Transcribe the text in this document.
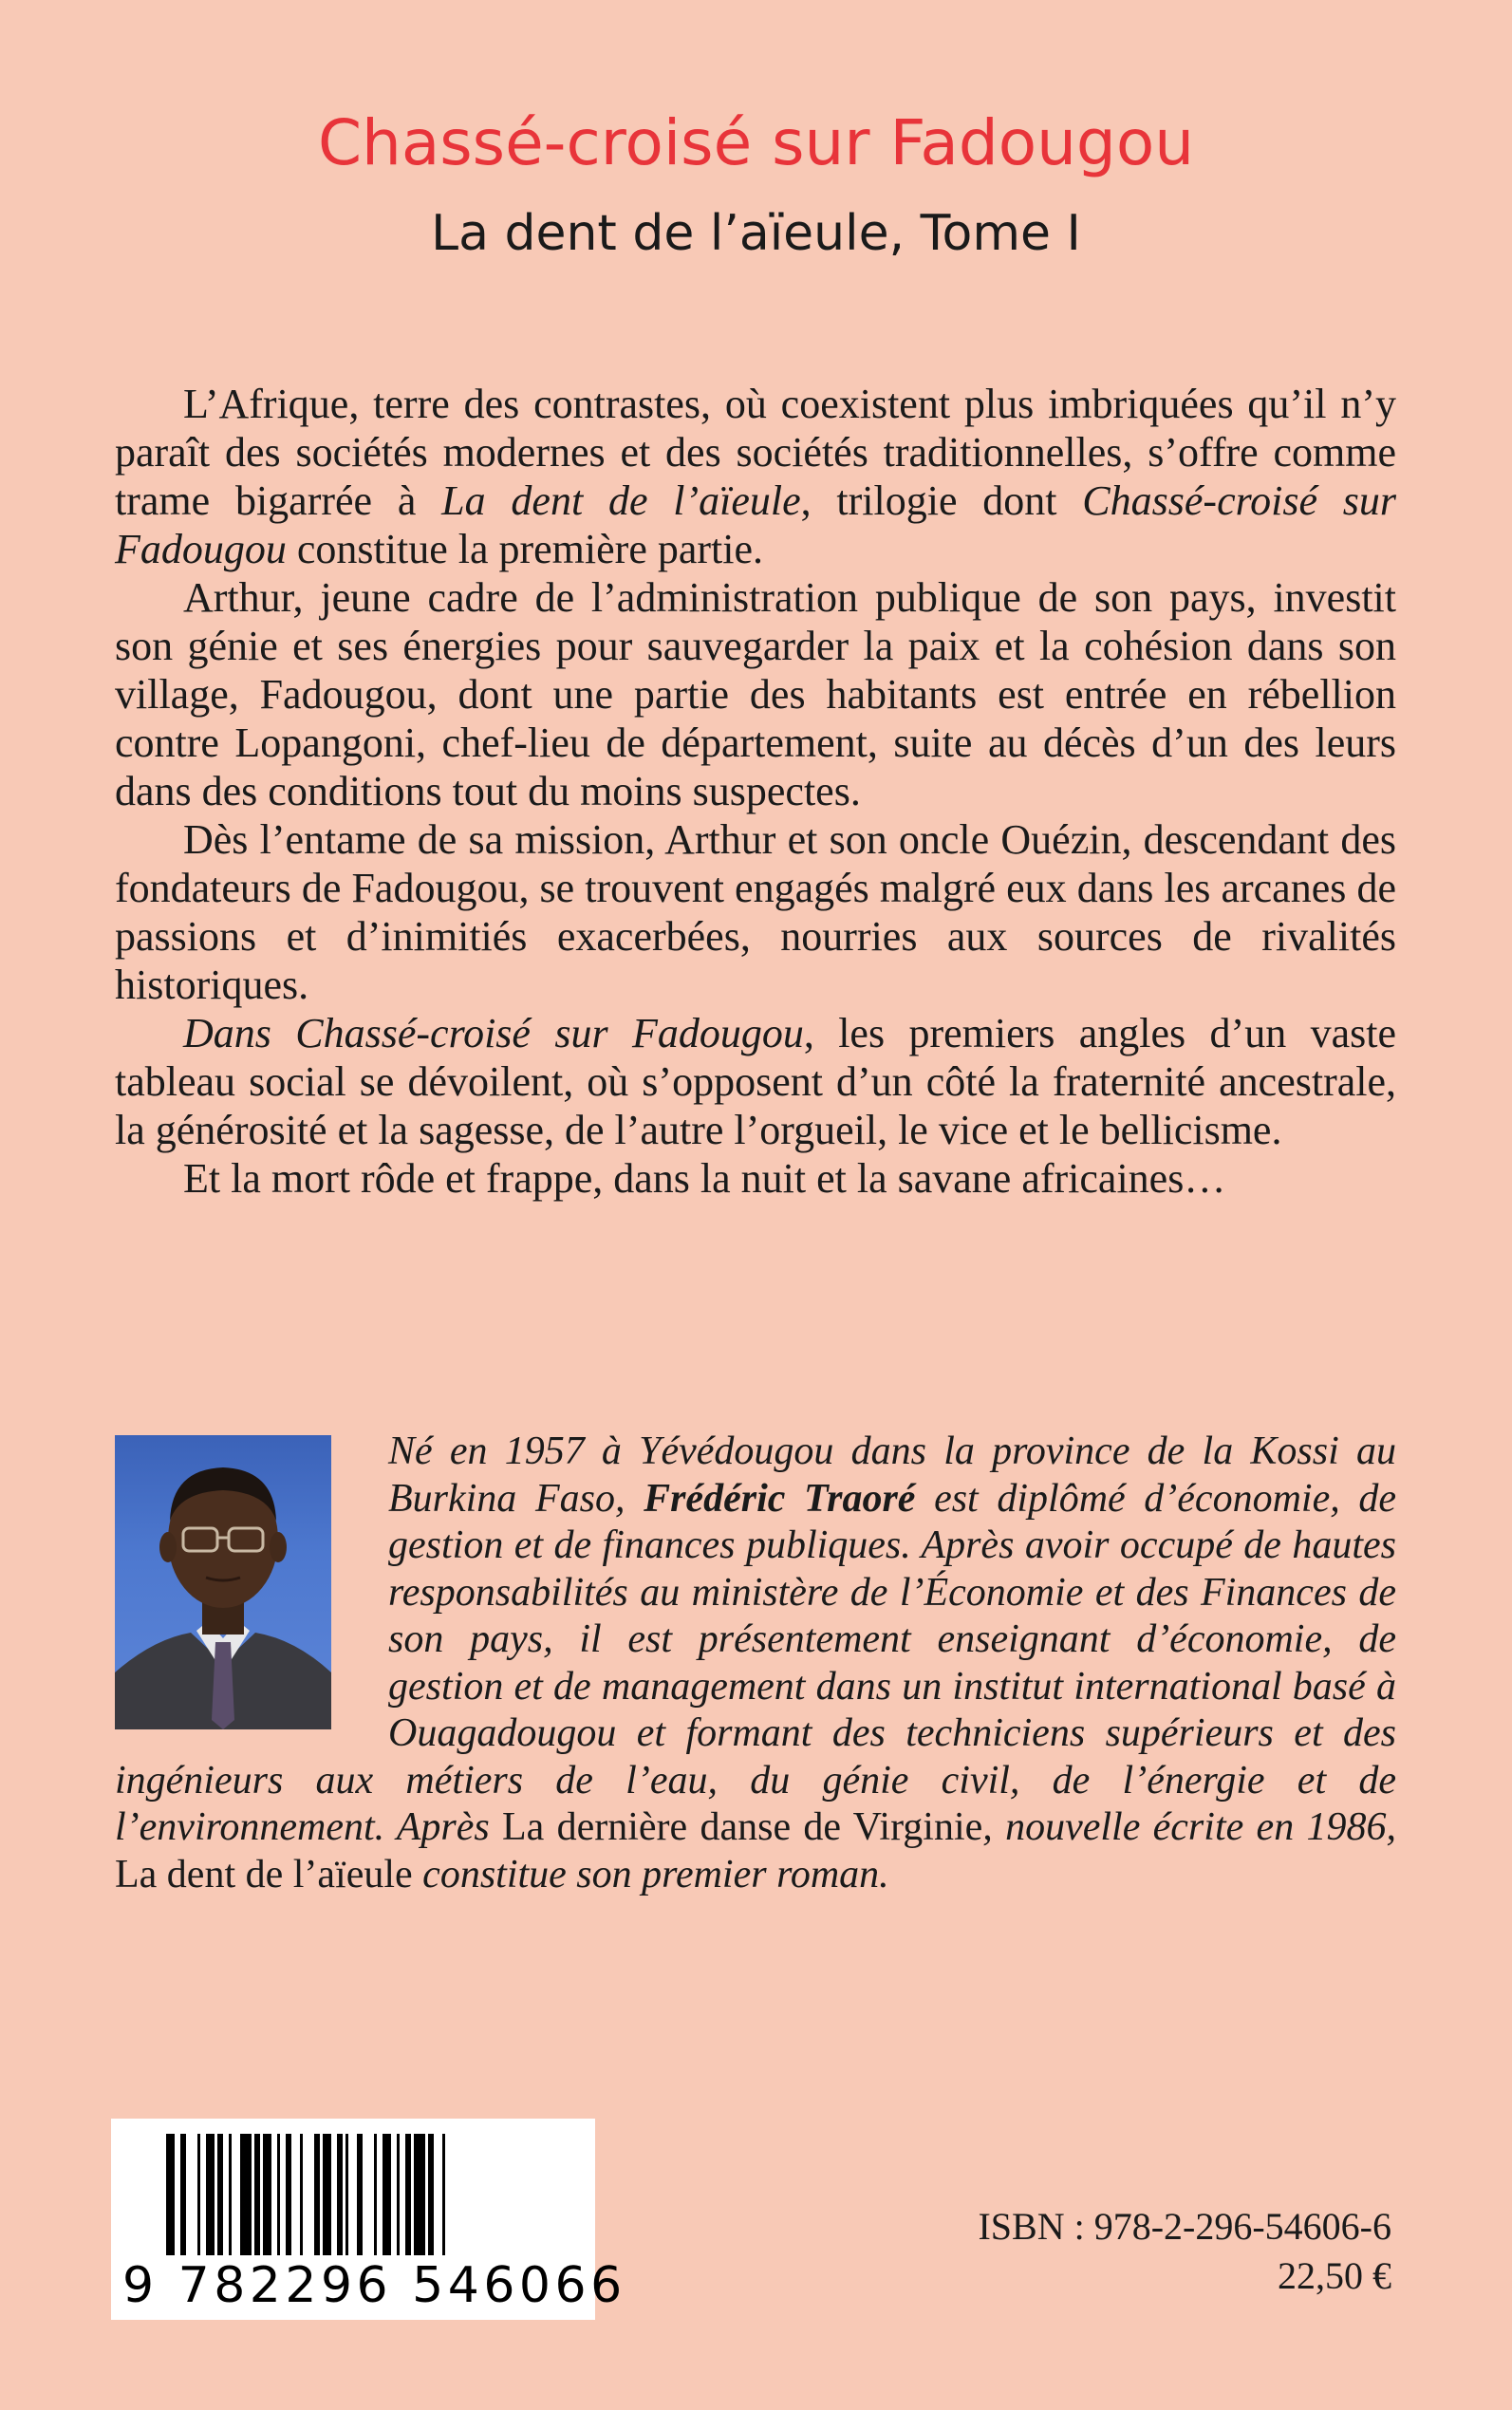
Chassé-croisé sur Fadougou
La dent de l’aïeule, Tome I

L’Afrique, terre des contrastes, où coexistent plus imbriquées qu’il n’y paraît des sociétés modernes et des sociétés traditionnelles, s’offre comme trame bigarrée à La dent de l’aïeule, trilogie dont Chassé-croisé sur Fadougou constitue la première partie.

Arthur, jeune cadre de l’administration publique de son pays, investit son génie et ses énergies pour sauvegarder la paix et la cohésion dans son village, Fadougou, dont une partie des habitants est entrée en rébellion contre Lopangoni, chef-lieu de département, suite au décès d’un des leurs dans des conditions tout du moins suspectes.

Dès l’entame de sa mission, Arthur et son oncle Ouézin, descendant des fondateurs de Fadougou, se trouvent engagés malgré eux dans les arcanes de passions et d’inimitiés exacerbées, nourries aux sources de rivalités historiques.

Dans Chassé-croisé sur Fadougou, les premiers angles d’un vaste tableau social se dévoilent, où s’opposent d’un côté la fraternité ancestrale, la générosité et la sagesse, de l’autre l’orgueil, le vice et le bellicisme.

Et la mort rôde et frappe, dans la nuit et la savane africaines…

Né en 1957 à Yévédougou dans la province de la Kossi au Burkina Faso, Frédéric Traoré est diplômé d’économie, de gestion et de finances publiques. Après avoir occupé de hautes responsabilités au ministère de l’Économie et des Finances de son pays, il est présentement enseignant d’économie, de gestion et de management dans un institut international basé à Ouagadougou et formant des techniciens supérieurs et des ingénieurs aux métiers de l’eau, du génie civil, de l’énergie et de l’environnement. Après La dernière danse de Virginie, nouvelle écrite en 1986, La dent de l’aïeule constitue son premier roman.
9 782296 546066
ISBN : 978-2-296-54606-6
22,50 €
